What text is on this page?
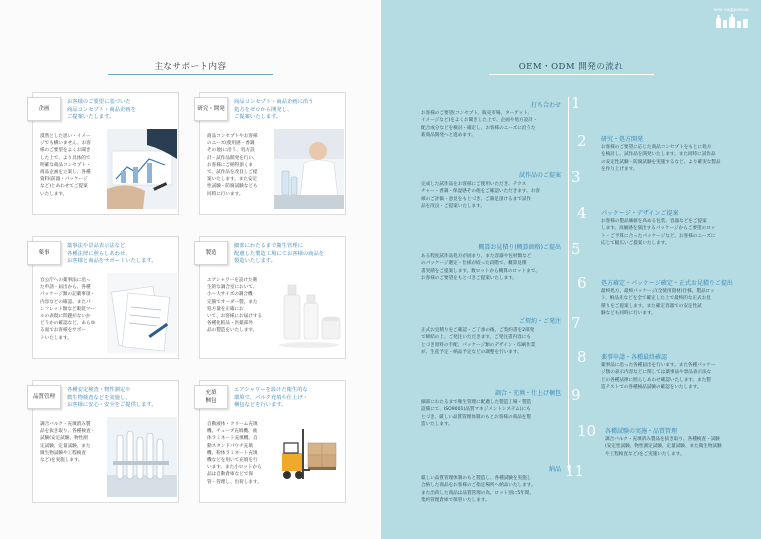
主なサポート内容
企画
お客様のご要望に基づいた
商品コンセプト・商品企画を
ご提案いたします。
漠然とした思い・イメー
ジでも構いません。お客
様のご要望をよくお聞き
した上で、より具体的で
明確な商品コンセプト・
商品企画を立案し、各種
資料(前器・パッケージ
など)とあわせてご提案
いたします。
研究・開発
商品コンセプト・商品企画に沿う
処方をゼロから開発し、
ご提案いたします。
商品コンセプトやお客様
のニーズ(使用感・香調
その他)に沿う、処方設
計・試作品開発を行い、
お客様にご納得頂くま
で、試作品を改良しご提
案いたします。また安定
性試験・防腐試験なども
同時に行います。
薬事
薬事法や景品表示法など
各種法律に照らしあわせ、
お客様と商品をサポートいたします。
官公庁への薬事法に沿っ
た申請・届出から、各種
パッケージ類の記載事項・
内容などの確認、またパ
ンフレット類など販促ツー
ルの表現に問題がないか
どうかの確認など、あらゆ
る面でお客様をサポー
トいたします。
製造
細部にわたるまで衛生管理に
配慮した製造工場にてお客様の商品を
製造いたします。
エアシャワーを設けた衛
生的な調合室において、
小～大サイズの調合機
完備でオーダー製、また
処方量を正確にお
いて、お客様にお届けする
各種化粧品・医薬部外
品の製造をいたします。
品質管理
各種安定検査・物性測定や
微生物検査などを実施し、
お客様に安心・安全をご提供します。
調合バルク・充填済み製
品を抜き取り、各種検査・
試験(安定試験、物性測
定試験、定量試験、また
微生物試験や工程検査
など)を実施します。
充填
梱包
エアシャワーを設けた衛生的な
環境で、バルク充填や仕上げ・
梱包などを行います。
自動液体・クリーム充填
機、チューブ充填機、液
体ラミネート充填機、自
動スタンドパウチ充填
機、粉体ラミネート充填
機などを用いて充填を行
います。また小ロットから
品は自動倉庫などで保
管・管理し、出荷します。
new suggestion
OEM・ODM 開発の流れ
1
打ち合わせ
お客様のご要望(コンセプト、販売市場、ターゲット、
イメージなど)をよくお聞きした上で、企画や処方設計・
配合成分などを検討・確定し、お客様のニーズに沿うた
新商品開発へと進めます。	2 研究・処方開発
お客様のご要望に応じた商品コンセプトをもとに処方
を検討し、試作品を開発いたします。また同時に試作品
の安定性試験・防腐試験を実施するなど、より確実な製品
を作り上げます。
3
試作品のご提案
完成した試作品をお客様にご使用いただき、テクス
チャー・香調・保湿感その他をご確認いただきます。お客
様のご評価・意見をもとづき、ご満足頂けるまで試作
品を改良・ご提案いたします。	4 パッケージ・デザインご提案
お客様の製品価値を高める包装、容器などをご提案
します。高級感を演出するパッケージからご要望のロッ
ト・ご予算に合ったパッケージなど、お客様のニーズに
応じて幅広いご提案いたします。
5
概算お見積り(概算価格)ご提出
ある程度試作品処方が固まり、また容器や包材類など
のパッケージ選定・仕様が絞った段階で、概算見積
書実績をご提案します。数ロットから概算のロットまで、
お客様のご要望をもとづきご提案いたします。	6 処方確定・パッケージ確定・正式お見積りご提出
最終処方、最終パッケージ(全使用資材)仕様、製品ロッ
ト、納品先などを全て確定した上で最終的な正式お見
積りをご提案します。また確定容器での安定性試
験なども同時に行います。
7
ご契約・ご発注
正式お見積りをご確認・ご了承の後、ご契約書を2部発
で締結の上、ご発注いただきます。ご発注書内容にも
とづき原料の手配、パッケージ類のデザイン・印刷作業
が、生産予定・納品予定などの調整を行います。	8 薬事申請・各種最終確認
薬事法に沿った各種届出を行います。また各種パッケー
ジ類の表示内容などに関しては薬事法や景品表示法な
どの各種法律に照らしあわせ確認いたします。また製
造テストでの各種検品試験の確認をいたします。
9
調合・充填・仕上げ梱包
細部にわたるまで衛生管理に配慮した製造工場・製造
設備にて、ISO9001(品質マネジメントシステム)にも
とづき、厳しい品質管理体制のもとお客様の商品を製
造いたします。	10 各種試験の実施・品質管理
調合バルク・充填済み製品を抜き取り、各種検査・試験
(安定性試験、物性測定試験、定量試験、また微生物試験
や工程検査など)をご実施いたします。
11
納品
厳しい品質管理体制のもと製造し、各種試験を実施し
合格した商品をお客様のご指定場所へ納品いたします。
また出荷した商品は品質管理の為、ロット別に5年間、
集約管理倉庫で保管いたします。
